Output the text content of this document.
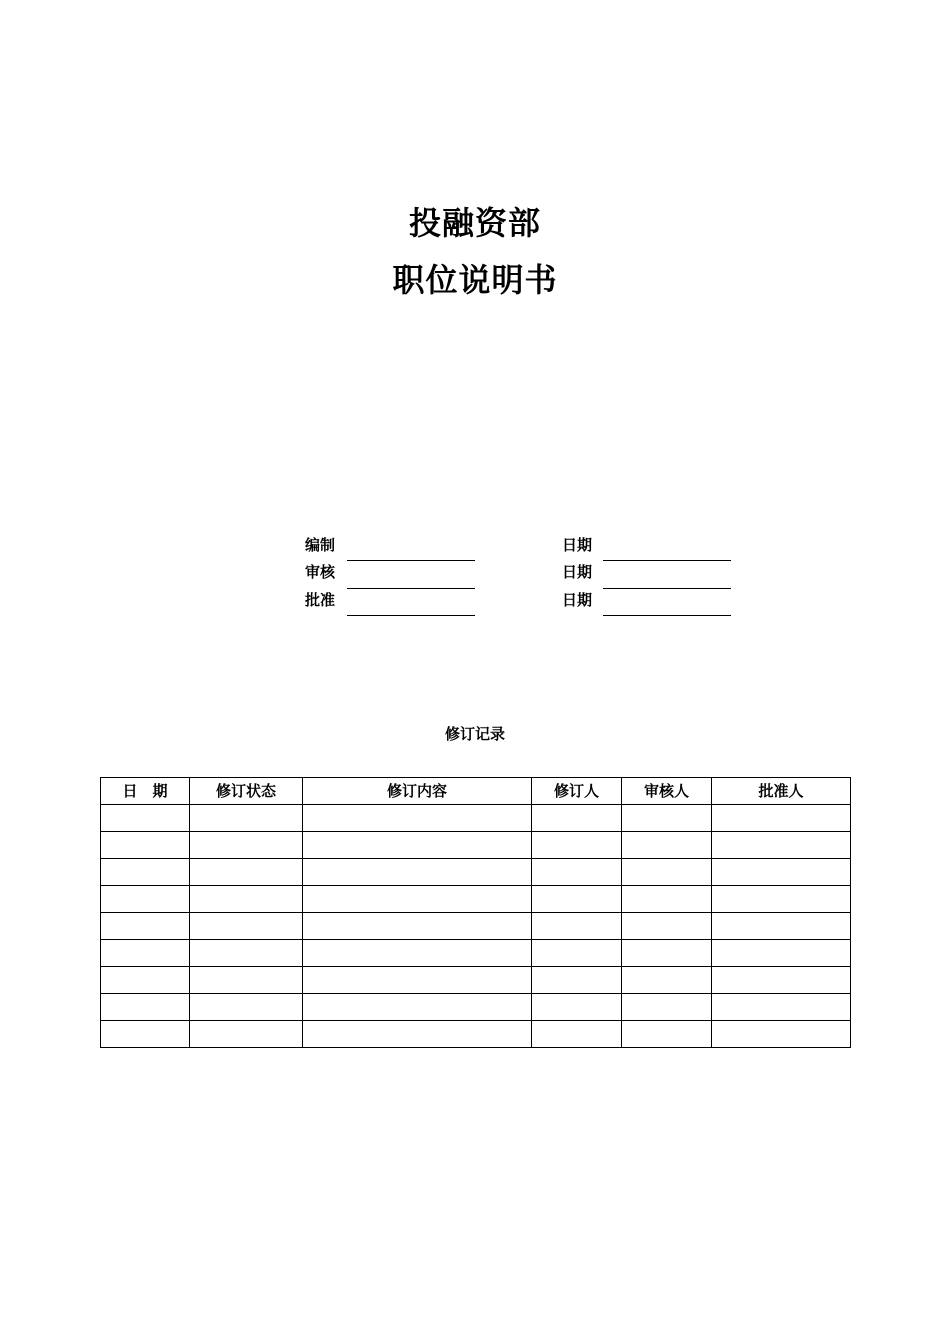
投融资部
职位说明书
编制	日期
审核	日期
批准	日期
修订记录
日　期	修订状态	修订内容	修订人	审核人	批准人
